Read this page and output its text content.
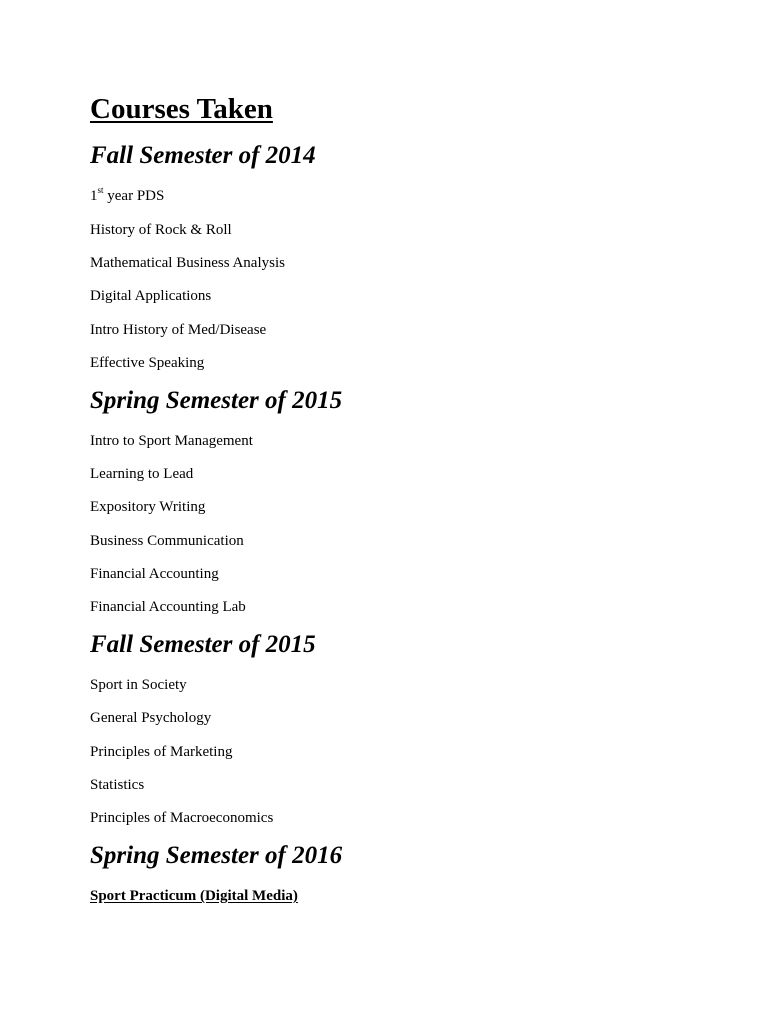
Courses Taken
Fall Semester of 2014

1st year PDS

History of Rock & Roll

Mathematical Business Analysis

Digital Applications

Intro History of Med/Disease

Effective Speaking

Spring Semester of 2015

Intro to Sport Management

Learning to Lead

Expository Writing

Business Communication

Financial Accounting

Financial Accounting Lab

Fall Semester of 2015

Sport in Society

General Psychology

Principles of Marketing

Statistics

Principles of Macroeconomics

Spring Semester of 2016

Sport Practicum (Digital Media)
